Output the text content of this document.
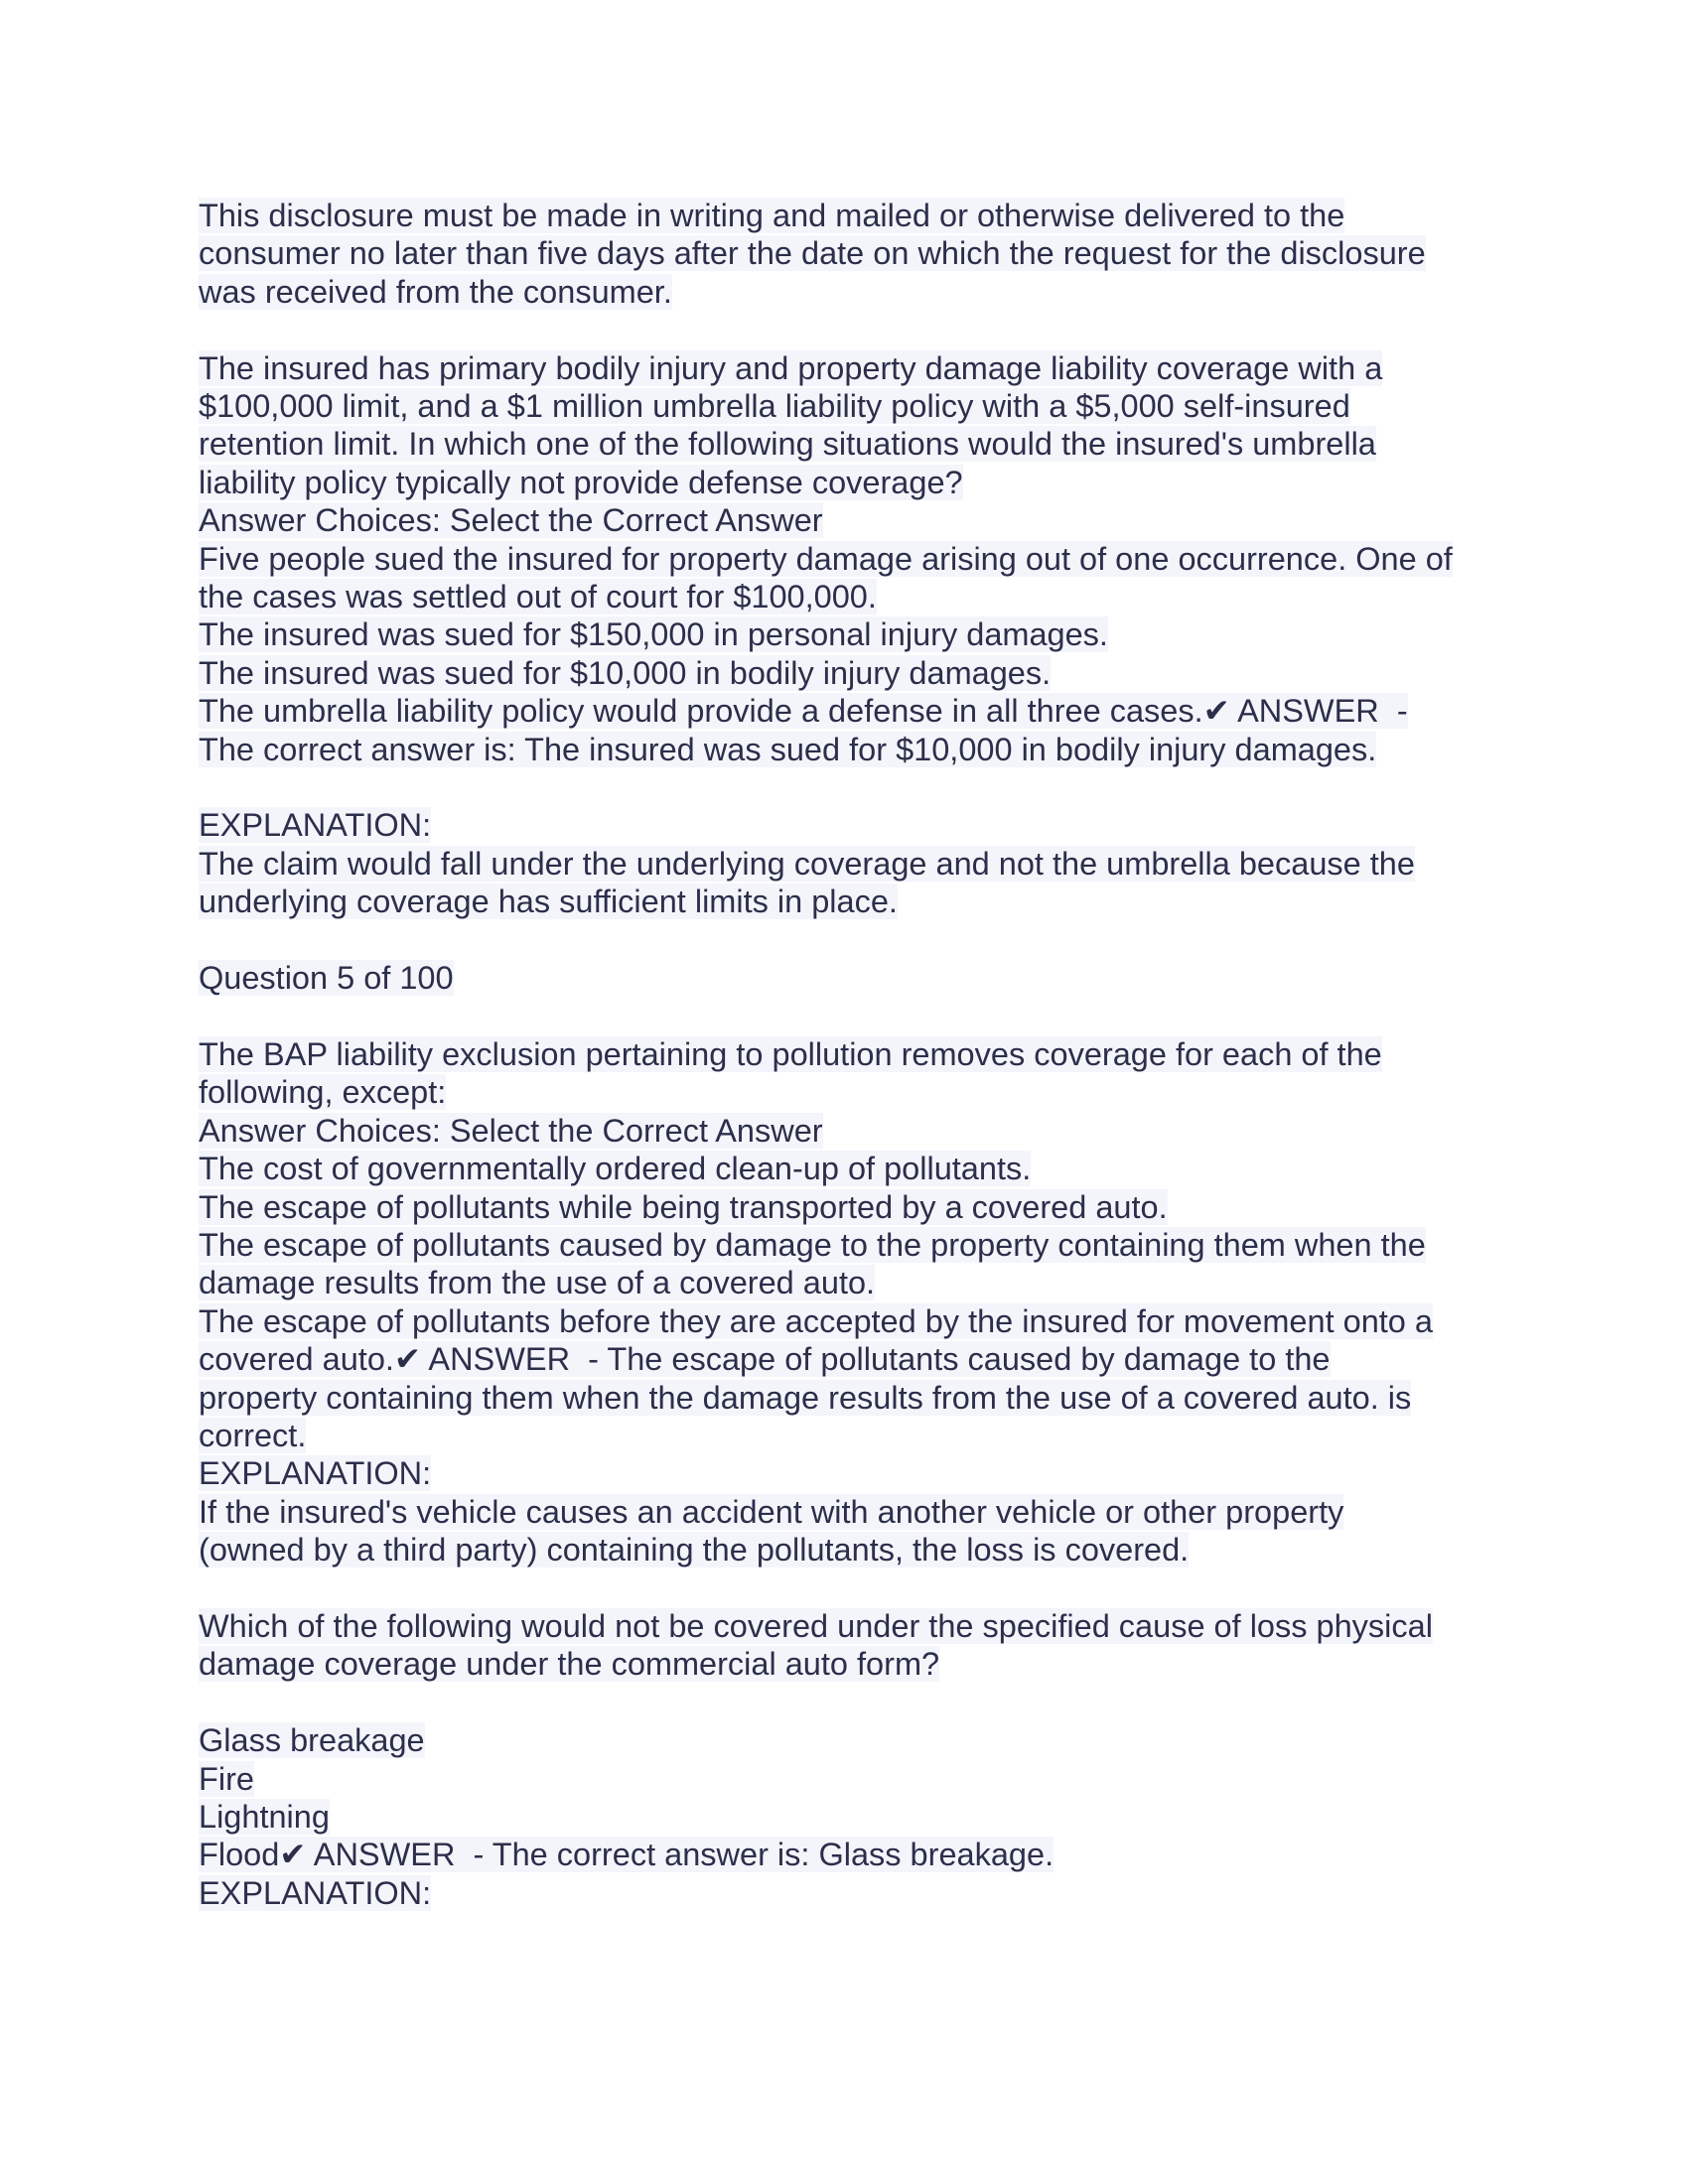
This disclosure must be made in writing and mailed or otherwise delivered to the
consumer no later than five days after the date on which the request for the disclosure
was received from the consumer.
The insured has primary bodily injury and property damage liability coverage with a
$100,000 limit, and a $1 million umbrella liability policy with a $5,000 self-insured
retention limit. In which one of the following situations would the insured's umbrella
liability policy typically not provide defense coverage?
Answer Choices: Select the Correct Answer
Five people sued the insured for property damage arising out of one occurrence. One of
the cases was settled out of court for $100,000.
The insured was sued for $150,000 in personal injury damages.
The insured was sued for $10,000 in bodily injury damages.
The umbrella liability policy would provide a defense in all three cases.✔ ANSWER  -
The correct answer is: The insured was sued for $10,000 in bodily injury damages.
EXPLANATION:
The claim would fall under the underlying coverage and not the umbrella because the
underlying coverage has sufficient limits in place.
Question 5 of 100
The BAP liability exclusion pertaining to pollution removes coverage for each of the
following, except:
Answer Choices: Select the Correct Answer
The cost of governmentally ordered clean-up of pollutants.
The escape of pollutants while being transported by a covered auto.
The escape of pollutants caused by damage to the property containing them when the
damage results from the use of a covered auto.
The escape of pollutants before they are accepted by the insured for movement onto a
covered auto.✔ ANSWER  - The escape of pollutants caused by damage to the
property containing them when the damage results from the use of a covered auto. is
correct.
EXPLANATION:
If the insured's vehicle causes an accident with another vehicle or other property
(owned by a third party) containing the pollutants, the loss is covered.
Which of the following would not be covered under the specified cause of loss physical
damage coverage under the commercial auto form?
Glass breakage
Fire
Lightning
Flood✔ ANSWER  - The correct answer is: Glass breakage.
EXPLANATION:
